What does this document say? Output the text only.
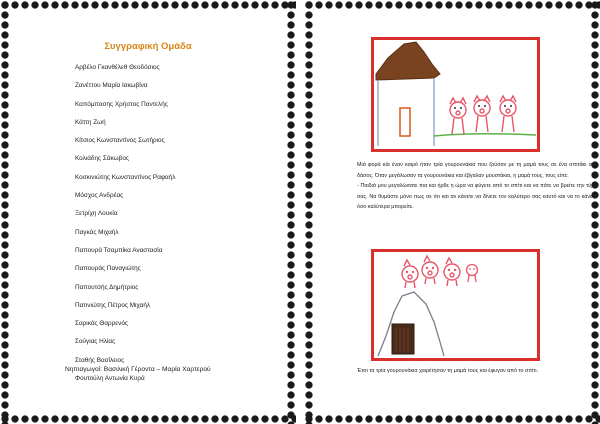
Συγγραφική Ομάδα
Αρβέλο Γκανθέλεθ Θεοδόσιος
Ζανέττου Μαρία Ιακωβίνα
Καπόμπασης Χρήστος Παντελής
Κάττη Ζωή
Κίτσιος Κωνσταντίνος Σωτήριος
Κολιάδης Σάκωβος
Κοσκινιώτης Κωνσταντίνος Ραφαήλ
Μόσχος Ανδρέας
Ξετρίχη Λουκία
Παγκάς Μιχαήλ
Παπουρά Τσαμπίκα Αναστασία
Παπουράς Παναγιώτης
Παπουτσής Δημήτριος
Πατινιώτης Πέτρος Μιχαήλ
Σαρικάς Θαρρενός
Σούγιας Ηλίας
Σταθής Βασίλειος
Φουτούλη Αντωνία Κυρά

Νηπιαγωγοί: Βασιλική Γέροντα – Μαρία Χαρτερού

Μιά φορά κάι έναν καιρό ήταν τρία γουρουνάκια που ζούσαν με τη μαμά τους σε ένα σπιτάκι στο δάσος. Όταν μεγάλωσαν τα γουρουνάκια και έβγαλαν μουστάκια, η μαμά τους, τους είπε:

- Παιδιά μου μεγαλώσατε πια και ήρθε η ώρα να φύγετε από το σπίτι και να πάτε να βρείτε την τύχη σας. Να θυμάστε μόνο πως σε ότι και αν κάνετε να δίνετε τον καλύτερο σας εαυτό και να το κάνετε όσο καλύτερα μπορείτε.

Έτσι τα τρία γουρουνάκια χαιρέτησαν τη μαμά τους και έφυγαν από το σπίτι.
